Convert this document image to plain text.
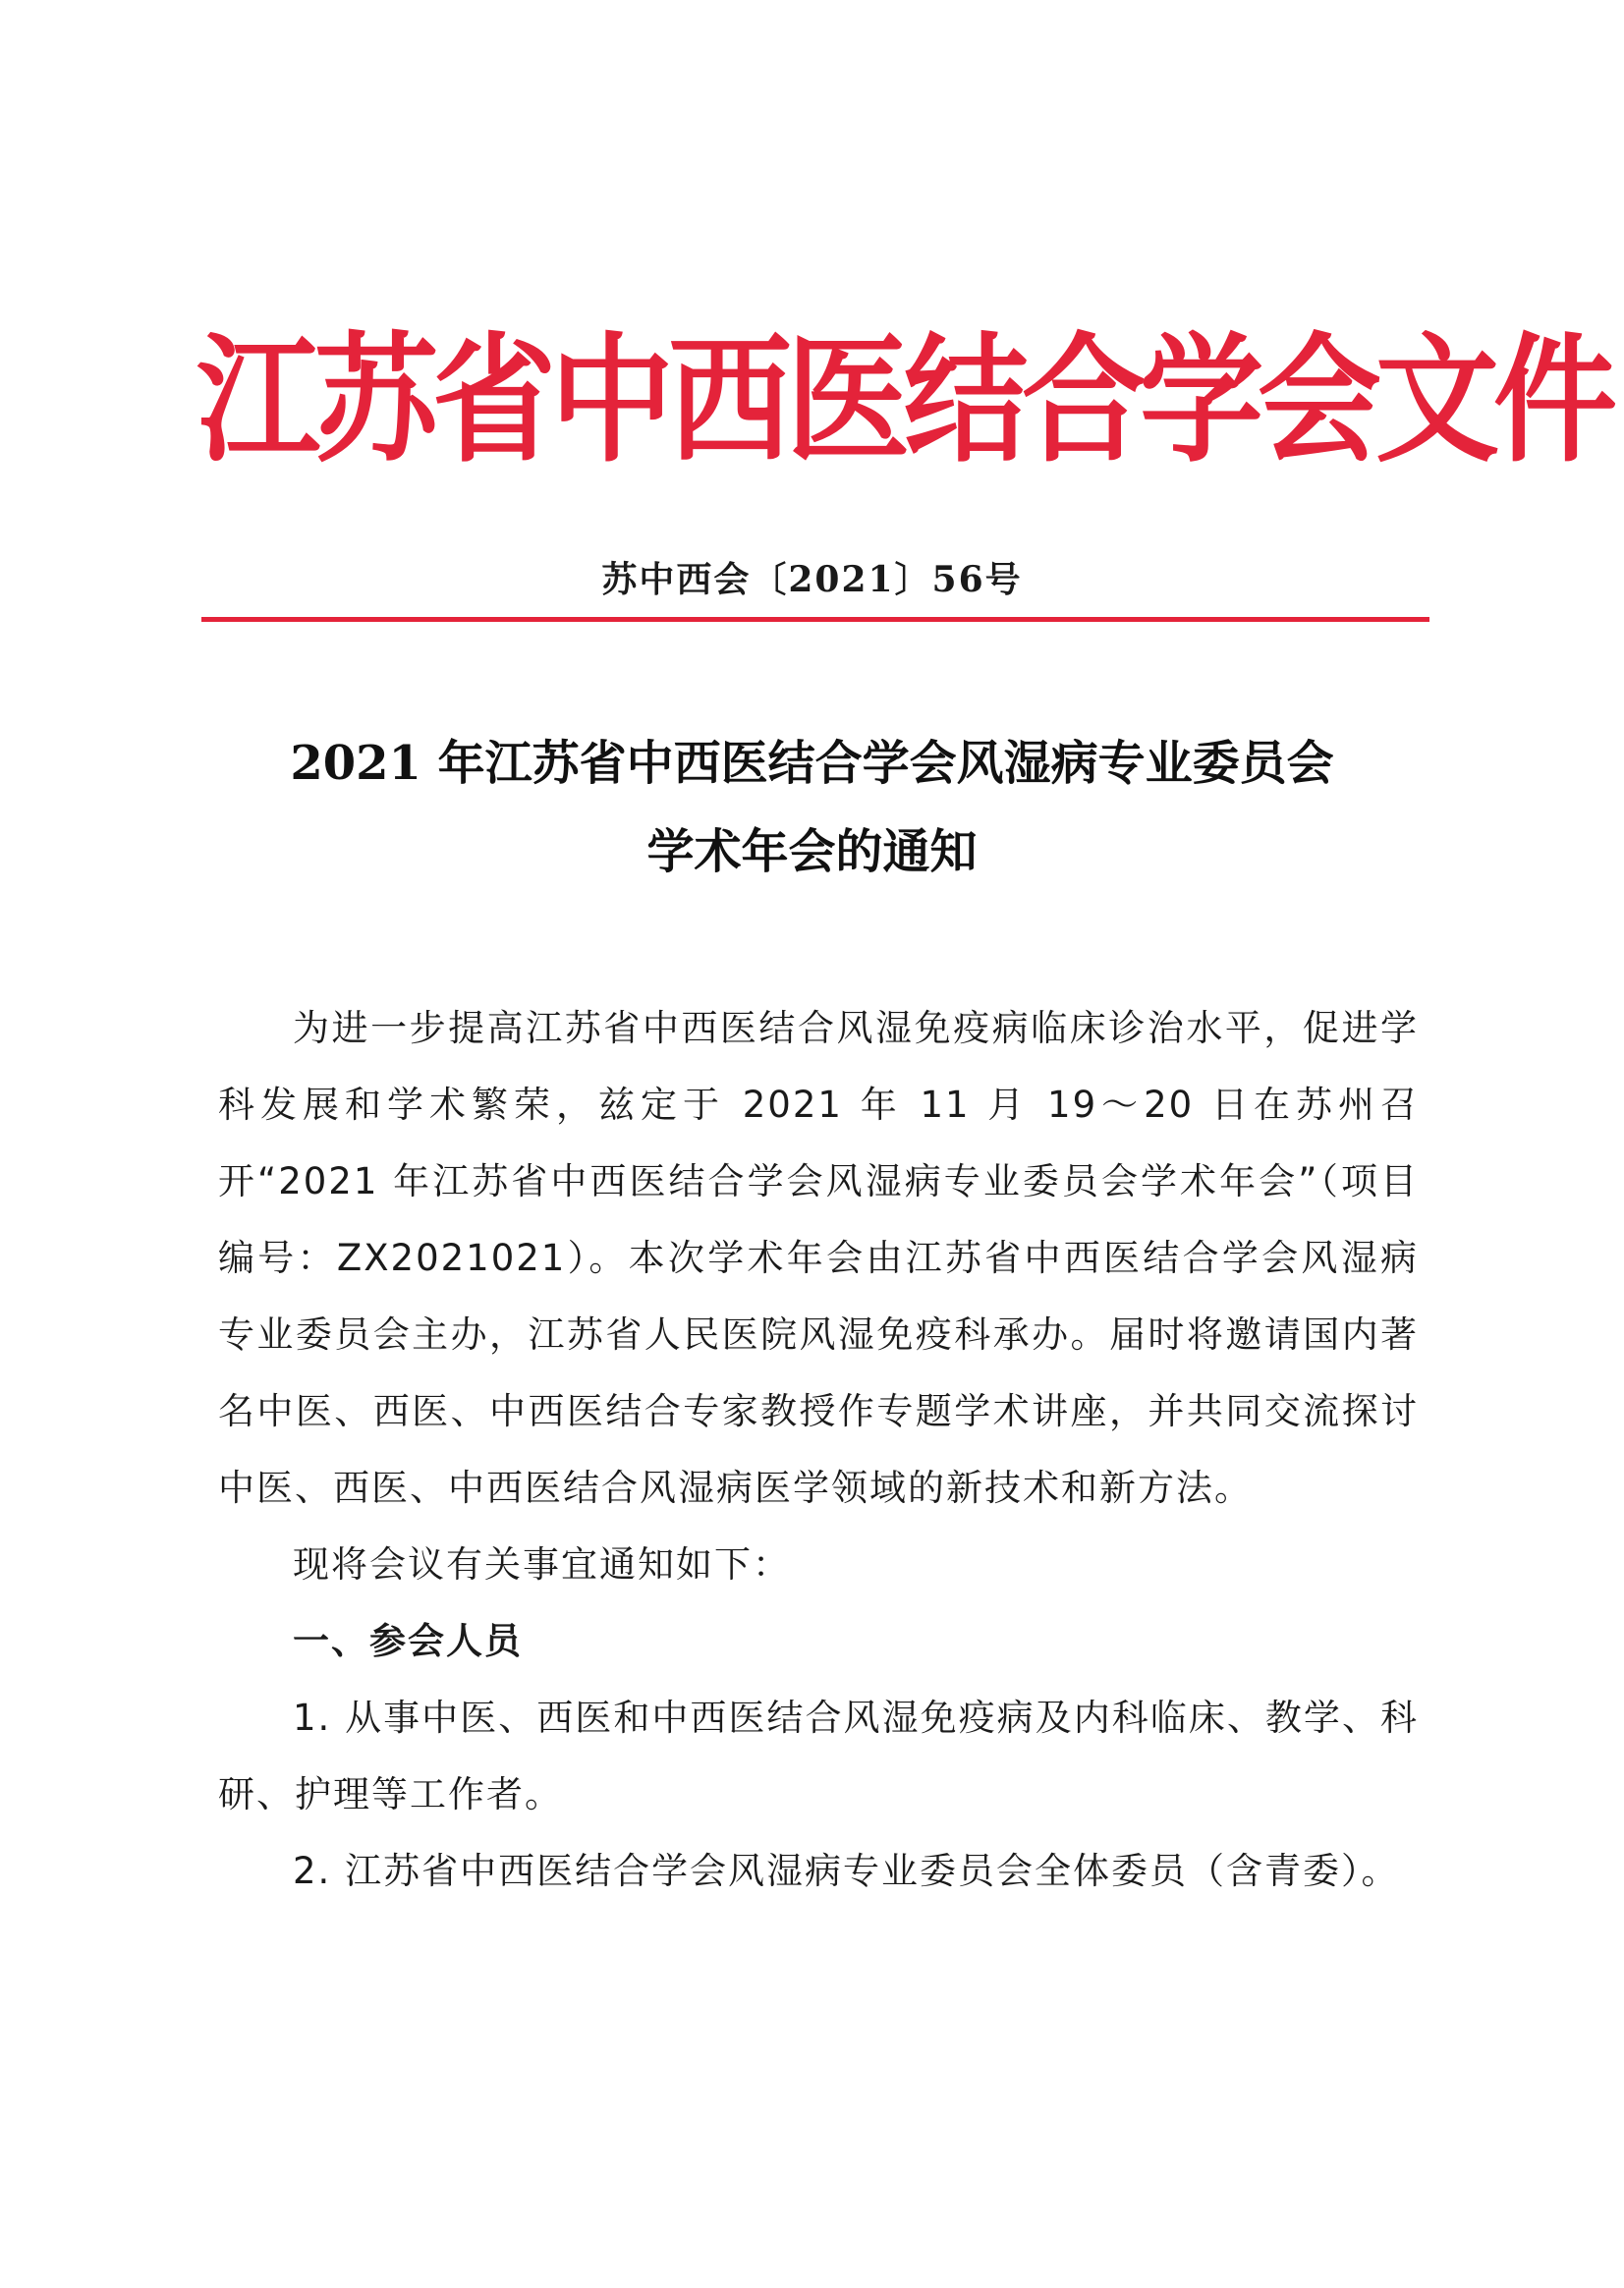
江苏省中西医结合学会文件
苏中西会〔2021〕56号
2021 年江苏省中西医结合学会风湿病专业委员会
学术年会的通知

为进一步提高江苏省中西医结合风湿免疫病临床诊治水平，促进学科发展和学术繁荣，兹定于 2021 年 11 月 19～20 日在苏州召开“2021 年江苏省中西医结合学会风湿病专业委员会学术年会”（项目编号：ZX2021021）。本次学术年会由江苏省中西医结合学会风湿病专业委员会主办，江苏省人民医院风湿免疫科承办。届时将邀请国内著名中医、西医、中西医结合专家教授作专题学术讲座，并共同交流探讨中医、西医、中西医结合风湿病医学领域的新技术和新方法。

现将会议有关事宜通知如下：

一、参会人员

1. 从事中医、西医和中西医结合风湿免疫病及内科临床、教学、科研、护理等工作者。

2. 江苏省中西医结合学会风湿病专业委员会全体委员（含青委）。
